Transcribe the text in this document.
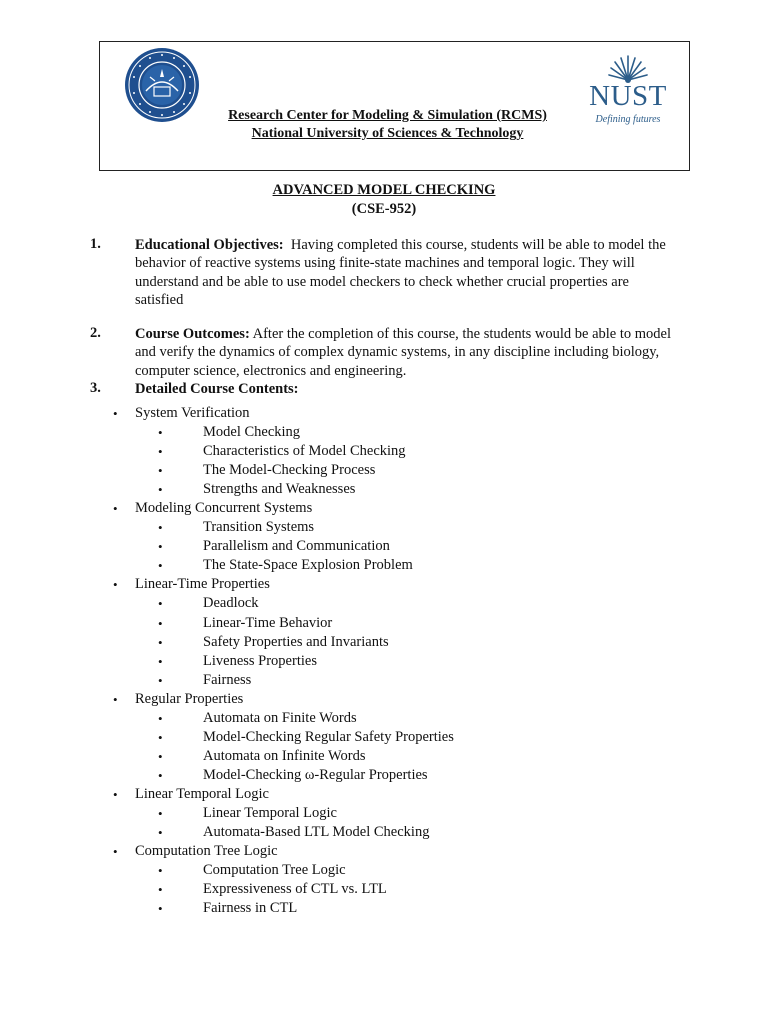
Research Center for Modeling & Simulation (RCMS)
National University of Sciences & Technology
NUST
Defining futures
ADVANCED MODEL CHECKING
(CSE-952)
1. Educational Objectives: Having completed this course, students will be able to model the behavior of reactive systems using finite-state machines and temporal logic. They will understand and be able to use model checkers to check whether crucial properties are satisfied
2. Course Outcomes: After the completion of this course, the students would be able to model and verify the dynamics of complex dynamic systems, in any discipline including biology, computer science, electronics and engineering.
3. Detailed Course Contents:
• System Verification
•	Model Checking
•	Characteristics of Model Checking
•	The Model-Checking Process
•	Strengths and Weaknesses
• Modeling Concurrent Systems
•	Transition Systems
•	Parallelism and Communication
•	The State-Space Explosion Problem
• Linear-Time Properties
•	Deadlock
•	Linear-Time Behavior
•	Safety Properties and Invariants
•	Liveness Properties
•	Fairness
• Regular Properties
•	Automata on Finite Words
•	Model-Checking Regular Safety Properties
•	Automata on Infinite Words
•	Model-Checking ω-Regular Properties
• Linear Temporal Logic
•	Linear Temporal Logic
•	Automata-Based LTL Model Checking
• Computation Tree Logic
•	Computation Tree Logic
•	Expressiveness of CTL vs. LTL
•	Fairness in CTL
